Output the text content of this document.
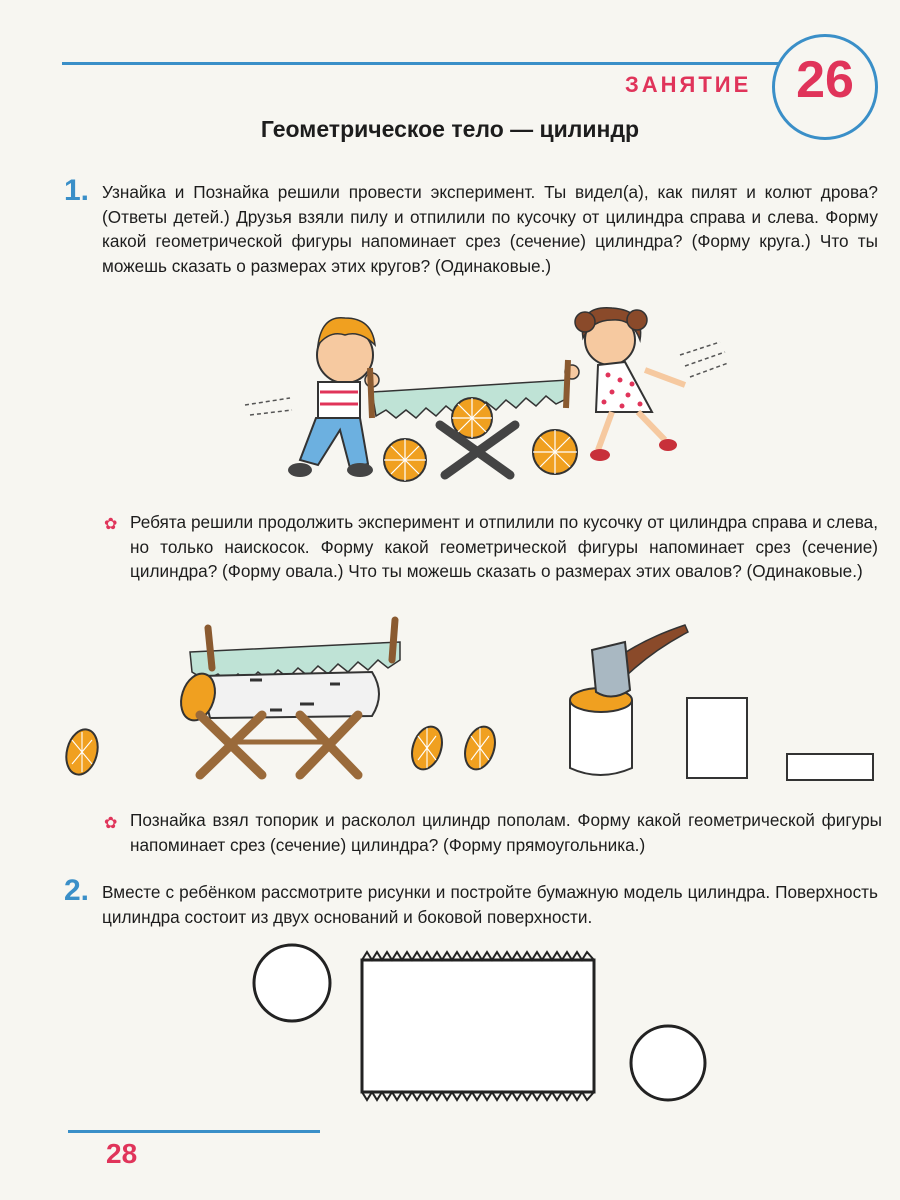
ЗАНЯТИЕ 26
Геометрическое тело — цилиндр
1. Узнайка и Познайка решили провести эксперимент. Ты видел(а), как пилят и колют дрова? (Ответы детей.) Друзья взяли пилу и отпилили по кусочку от цилиндра справа и слева. Форму какой геометрической фигуры напоминает срез (сечение) цилиндра? (Форму круга.) Что ты можешь сказать о размерах этих кругов? (Одинаковые.)
✿ Ребята решили продолжить эксперимент и отпилили по кусочку от цилиндра справа и слева, но только наискосок. Форму какой геометрической фигуры напоминает срез (сечение) цилиндра? (Форму овала.) Что ты можешь сказать о размерах этих овалов? (Одинаковые.)
✿ Познайка взял топорик и расколол цилиндр пополам. Форму какой геометрической фигуры напоминает срез (сечение) цилиндра? (Форму прямоугольника.)
2. Вместе с ребёнком рассмотрите рисунки и постройте бумажную модель цилиндра. Поверхность цилиндра состоит из двух оснований и боковой поверхности.
28
